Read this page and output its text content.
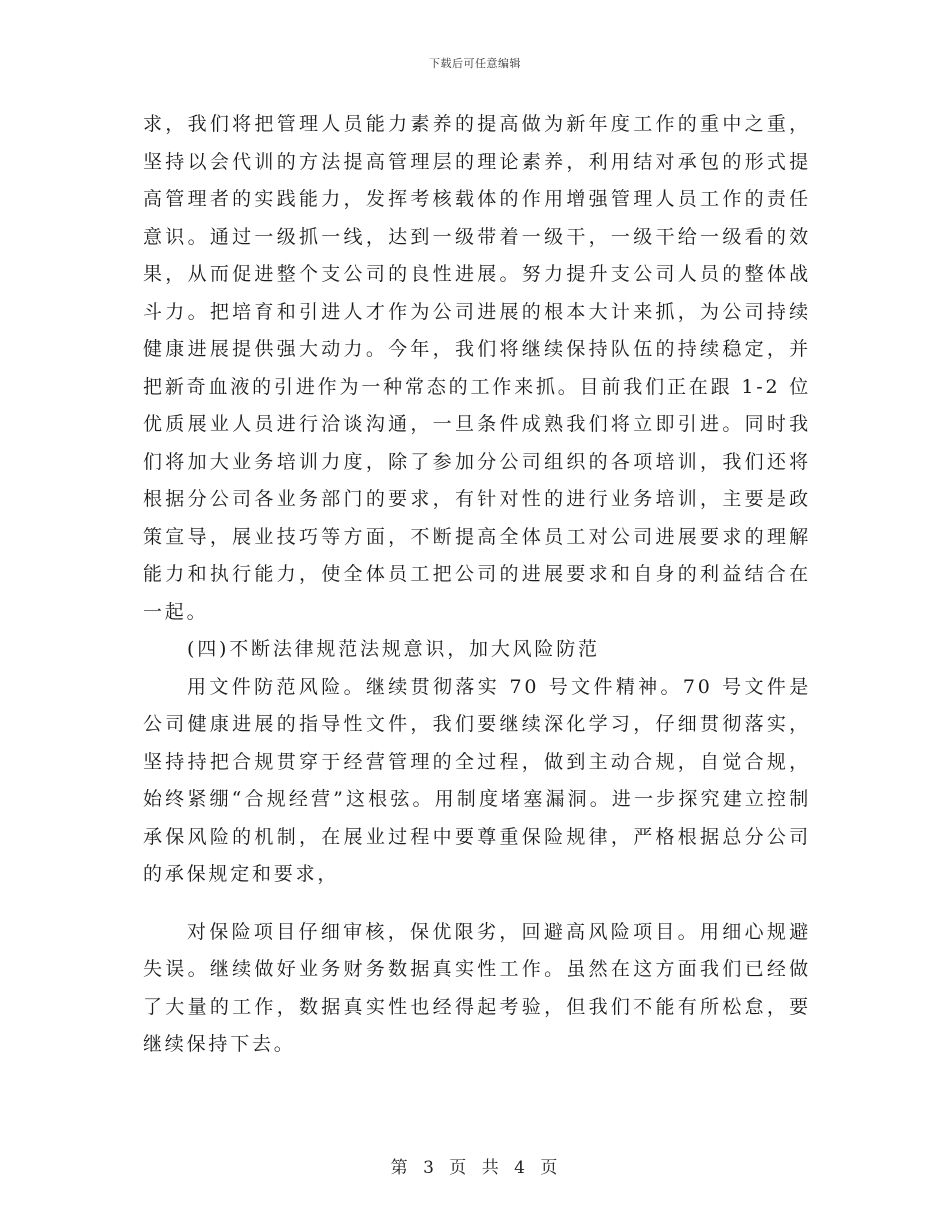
下载后可任意编辑

求，我们将把管理人员能力素养的提高做为新年度工作的重中之重，坚持以会代训的方法提高管理层的理论素养，利用结对承包的形式提高管理者的实践能力，发挥考核载体的作用增强管理人员工作的责任意识。通过一级抓一线，达到一级带着一级干，一级干给一级看的效果，从而促进整个支公司的良性进展。努力提升支公司人员的整体战斗力。把培育和引进人才作为公司进展的根本大计来抓，为公司持续健康进展提供强大动力。今年，我们将继续保持队伍的持续稳定，并把新奇血液的引进作为一种常态的工作来抓。目前我们正在跟 1-2 位优质展业人员进行洽谈沟通，一旦条件成熟我们将立即引进。同时我们将加大业务培训力度，除了参加分公司组织的各项培训，我们还将根据分公司各业务部门的要求，有针对性的进行业务培训，主要是政策宣导，展业技巧等方面，不断提高全体员工对公司进展要求的理解能力和执行能力，使全体员工把公司的进展要求和自身的利益结合在一起。

(四)不断法律规范法规意识，加大风险防范

用文件防范风险。继续贯彻落实 70 号文件精神。70 号文件是公司健康进展的指导性文件，我们要继续深化学习，仔细贯彻落实，坚持持把合规贯穿于经营管理的全过程，做到主动合规，自觉合规，始终紧绷“合规经营”这根弦。用制度堵塞漏洞。进一步探究建立控制承保风险的机制，在展业过程中要尊重保险规律，严格根据总分公司的承保规定和要求，

对保险项目仔细审核，保优限劣，回避高风险项目。用细心规避失误。继续做好业务财务数据真实性工作。虽然在这方面我们已经做了大量的工作，数据真实性也经得起考验，但我们不能有所松怠，要继续保持下去。

第 3 页 共 4 页
